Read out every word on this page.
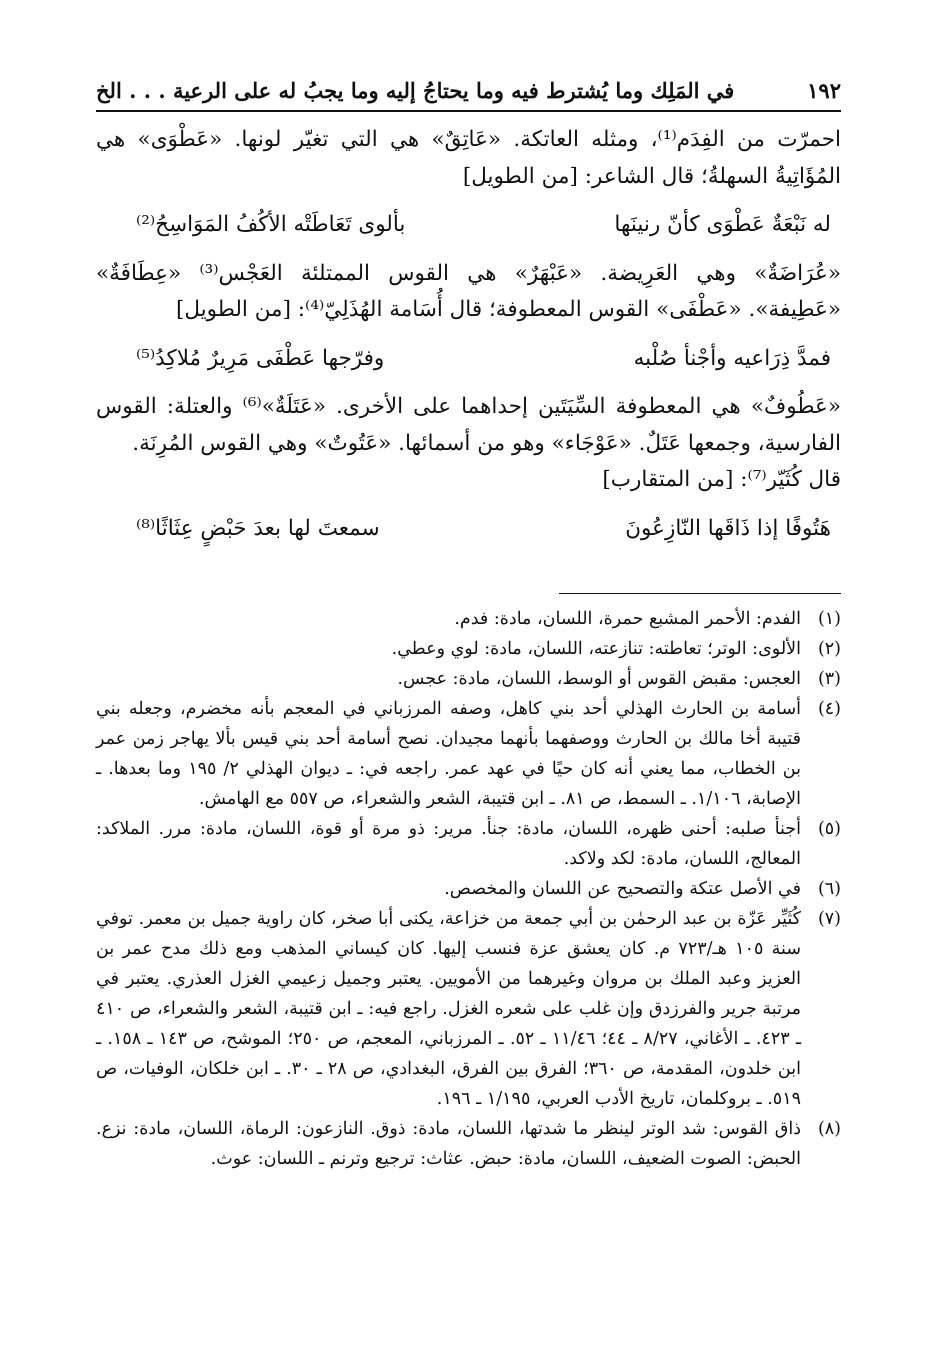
١٩٢
في المَلِك وما يُشترط فيه وما يحتاجُ إليه وما يجبُ له على الرعية . . . الخ

احمرّت من الفِدَم⁽¹⁾، ومثله العاتكة. «عَاتِقٌ» هي التي تغيّر لونها. «عَطْوَى» هي المُؤَاتِيةُ السهلةُ؛ قال الشاعر: [من الطويل]

له نَبْعَةٌ عَطْوَى كأنّ رنينَها
بألوى تَعَاطَتْه الأكُفُ المَوَاسِحُ⁽²⁾

«عُرَاضَةٌ» وهي العَرِيضة. «عَبْهَرٌ» هي القوس الممتلئة العَجْس⁽³⁾ «عِطَافَةٌ» «عَطِيفة». «عَطْفَى» القوس المعطوفة؛ قال أُسَامة الهُذَلِيّ⁽⁴⁾: [من الطويل]

فمدَّ ذِرَاعيه وأجْنأ صُلْبه
وفرّجها عَطْفَى مَرِيرٌ مُلاكِدُ⁽⁵⁾

«عَطُوفٌ» هي المعطوفة السِّيَتَين إحداهما على الأخرى. «عَتَلَةٌ»⁽⁶⁾ والعتلة: القوس الفارسية، وجمعها عَتَلٌ. «عَوْجَاء» وهو من أسمائها. «عَتُوتٌ» وهي القوس المُرِنَة.

قال كُثَيّر⁽⁷⁾: [من المتقارب]

هَتُوفًا إذا ذَاقَها النّازِعُونَ
سمعتَ لها بعدَ حَبْضٍ عِثَاثًا⁽⁸⁾
(١)
الفدم: الأحمر المشبع حمرة، اللسان، مادة: فدم.
(٢)
الألوى: الوتر؛ تعاطته: تنازعته، اللسان، مادة: لوي وعطي.
(٣)
العجس: مقبض القوس أو الوسط، اللسان، مادة: عجس.
(٤)
أسامة بن الحارث الهذلي أحد بني كاهل، وصفه المرزباني في المعجم بأنه مخضرم، وجعله بني قتيبة أخا مالك بن الحارث ووصفهما بأنهما مجيدان. نصح أسامة أحد بني قيس بألا يهاجر زمن عمر بن الخطاب، مما يعني أنه كان حيًا في عهد عمر. راجعه في: ـ ديوان الهذلي ٢/ ١٩٥ وما بعدها. ـ الإصابة، ١/١٠٦. ـ السمط، ص ٨١. ـ ابن قتيبة، الشعر والشعراء، ص ٥٥٧ مع الهامش.
(٥)
أجنأ صلبه: أحنى ظهره، اللسان، مادة: جنأ. مرير: ذو مرة أو قوة، اللسان، مادة: مرر. الملاكد: المعالج، اللسان، مادة: لكد ولاكد.
(٦)
في الأصل عتكة والتصحيح عن اللسان والمخصص.
(٧)
كُثَيِّر عَزّة بن عبد الرحمٰن بن أبي جمعة من خزاعة، يكنى أبا صخر، كان راوية جميل بن معمر. توفي سنة ١٠٥ هـ/٧٢٣ م. كان يعشق عزة فنسب إليها. كان كيساني المذهب ومع ذلك مدح عمر بن العزيز وعبد الملك بن مروان وغيرهما من الأمويين. يعتبر وجميل زعيمي الغزل العذري. يعتبر في مرتبة جرير والفرزدق وإن غلب على شعره الغزل. راجع فيه: ـ ابن قتيبة، الشعر والشعراء، ص ٤١٠ ـ ٤٢٣. ـ الأغاني، ٨/٢٧ ـ ٤٤؛ ١١/٤٦ ـ ٥٢. ـ المرزباني، المعجم، ص ٢٥٠؛ الموشح، ص ١٤٣ ـ ١٥٨. ـ ابن خلدون، المقدمة، ص ٣٦٠؛ الفرق بين الفرق، البغدادي، ص ٢٨ ـ ٣٠. ـ ابن خلكان، الوفيات، ص ٥١٩. ـ بروكلمان، تاريخ الأدب العربي، ١/١٩٥ ـ ١٩٦.
(٨)
ذاق القوس: شد الوتر لينظر ما شدتها، اللسان، مادة: ذوق. النازعون: الرماة، اللسان، مادة: نزع. الحبض: الصوت الضعيف، اللسان، مادة: حبض. عثاث: ترجيع وترنم ـ اللسان: عوث.
